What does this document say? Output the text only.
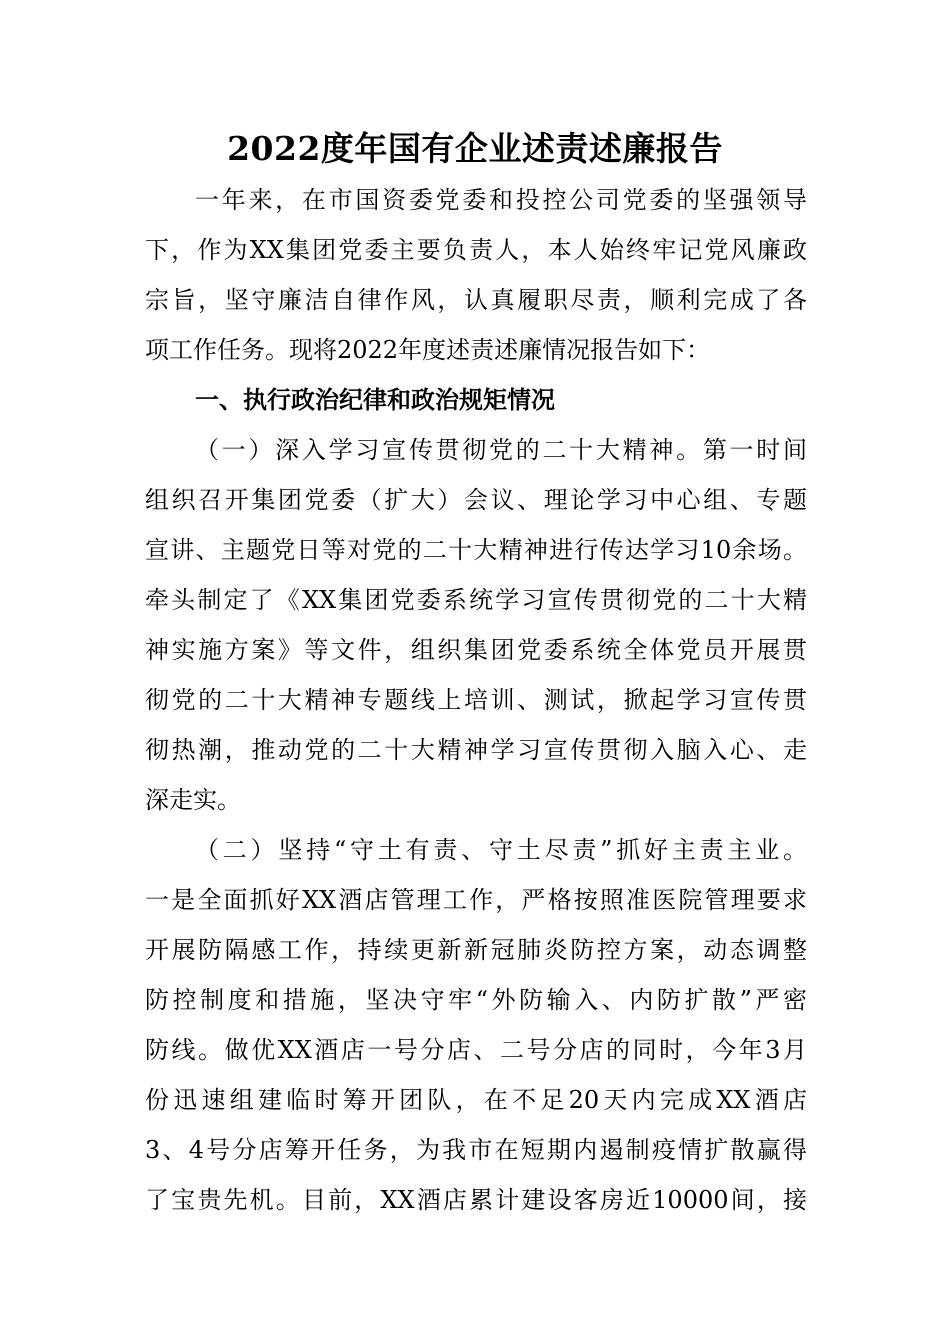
2022度年国有企业述责述廉报告
一年来，在市国资委党委和投控公司党委的坚强领导
下，作为XX集团党委主要负责人，本人始终牢记党风廉政
宗旨，坚守廉洁自律作风，认真履职尽责，顺利完成了各
项工作任务。现将2022年度述责述廉情况报告如下：
一、执行政治纪律和政治规矩情况
（一）深入学习宣传贯彻党的二十大精神。第一时间
组织召开集团党委（扩大）会议、理论学习中心组、专题
宣讲、主题党日等对党的二十大精神进行传达学习10余场。
牵头制定了《XX集团党委系统学习宣传贯彻党的二十大精
神实施方案》等文件，组织集团党委系统全体党员开展贯
彻党的二十大精神专题线上培训、测试，掀起学习宣传贯
彻热潮，推动党的二十大精神学习宣传贯彻入脑入心、走
深走实。
（二）坚持“守土有责、守土尽责”抓好主责主业。
一是全面抓好XX酒店管理工作，严格按照准医院管理要求
开展防隔感工作，持续更新新冠肺炎防控方案，动态调整
防控制度和措施，坚决守牢“外防输入、内防扩散”严密
防线。做优XX酒店一号分店、二号分店的同时，今年3月
份迅速组建临时筹开团队，在不足20天内完成XX酒店
3、4号分店筹开任务，为我市在短期内遏制疫情扩散赢得
了宝贵先机。目前，XX酒店累计建设客房近10000间，接
